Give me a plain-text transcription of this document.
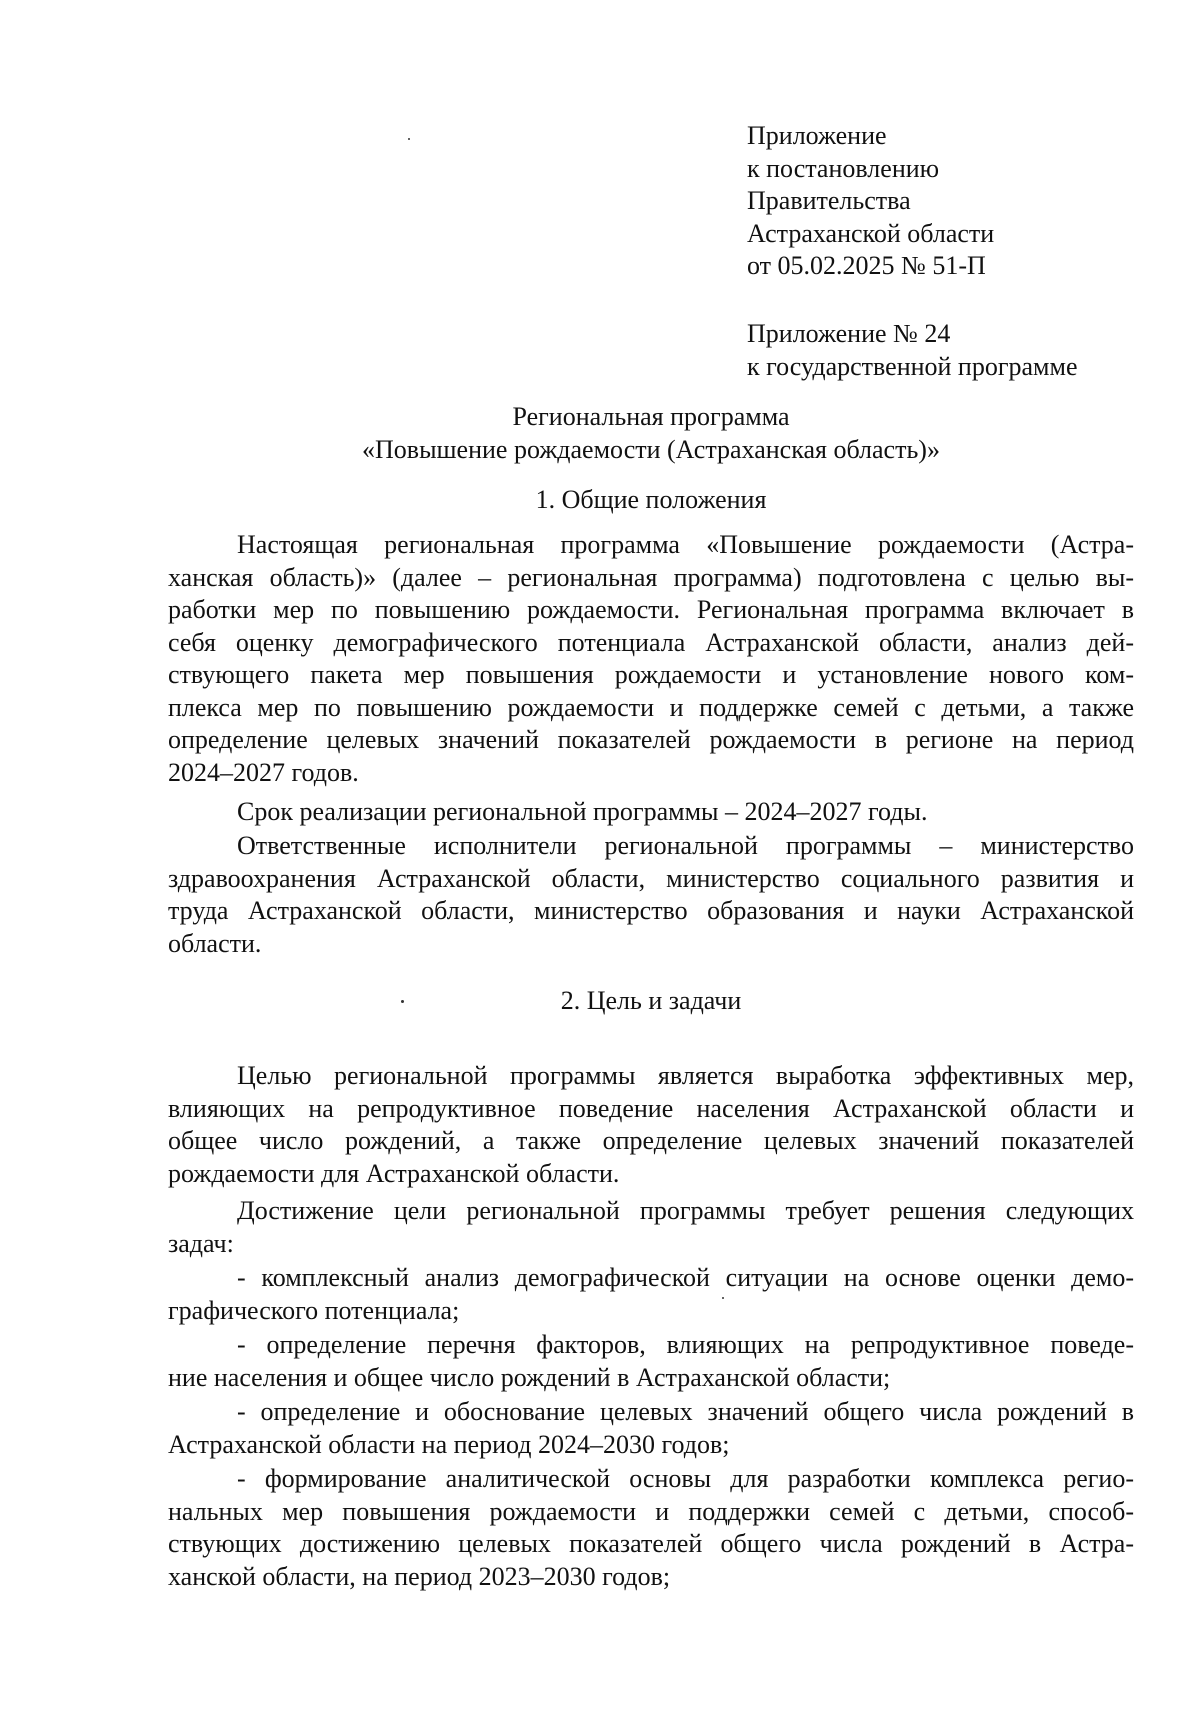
Приложение
к постановлению
Правительства
Астраханской области
от 05.02.2025 № 51-П
Приложение № 24
к государственной программе
Региональная программа
«Повышение рождаемости (Астраханская область)»
1. Общие положения
Настоящая региональная программа «Повышение рождаемости (Астра-
ханская область)» (далее – региональная программа) подготовлена с целью вы-
работки мер по повышению рождаемости. Региональная программа включает в
себя оценку демографического потенциала Астраханской области, анализ дей-
ствующего пакета мер повышения рождаемости и установление нового ком-
плекса мер по повышению рождаемости и поддержке семей с детьми, а также
определение целевых значений показателей рождаемости в регионе на период
2024–2027 годов.
Срок реализации региональной программы – 2024–2027 годы.
Ответственные исполнители региональной программы – министерство
здравоохранения Астраханской области, министерство социального развития и
труда Астраханской области, министерство образования и науки Астраханской
области.
2. Цель и задачи
Целью региональной программы является выработка эффективных мер,
влияющих на репродуктивное поведение населения Астраханской области и
общее число рождений, а также определение целевых значений показателей
рождаемости для Астраханской области.
Достижение цели региональной программы требует решения следующих
задач:
- комплексный анализ демографической ситуации на основе оценки демо-
графического потенциала;
- определение перечня факторов, влияющих на репродуктивное поведе-
ние населения и общее число рождений в Астраханской области;
- определение и обоснование целевых значений общего числа рождений в
Астраханской области на период 2024–2030 годов;
- формирование аналитической основы для разработки комплекса регио-
нальных мер повышения рождаемости и поддержки семей с детьми, способ-
ствующих достижению целевых показателей общего числа рождений в Астра-
ханской области, на период 2023–2030 годов;
